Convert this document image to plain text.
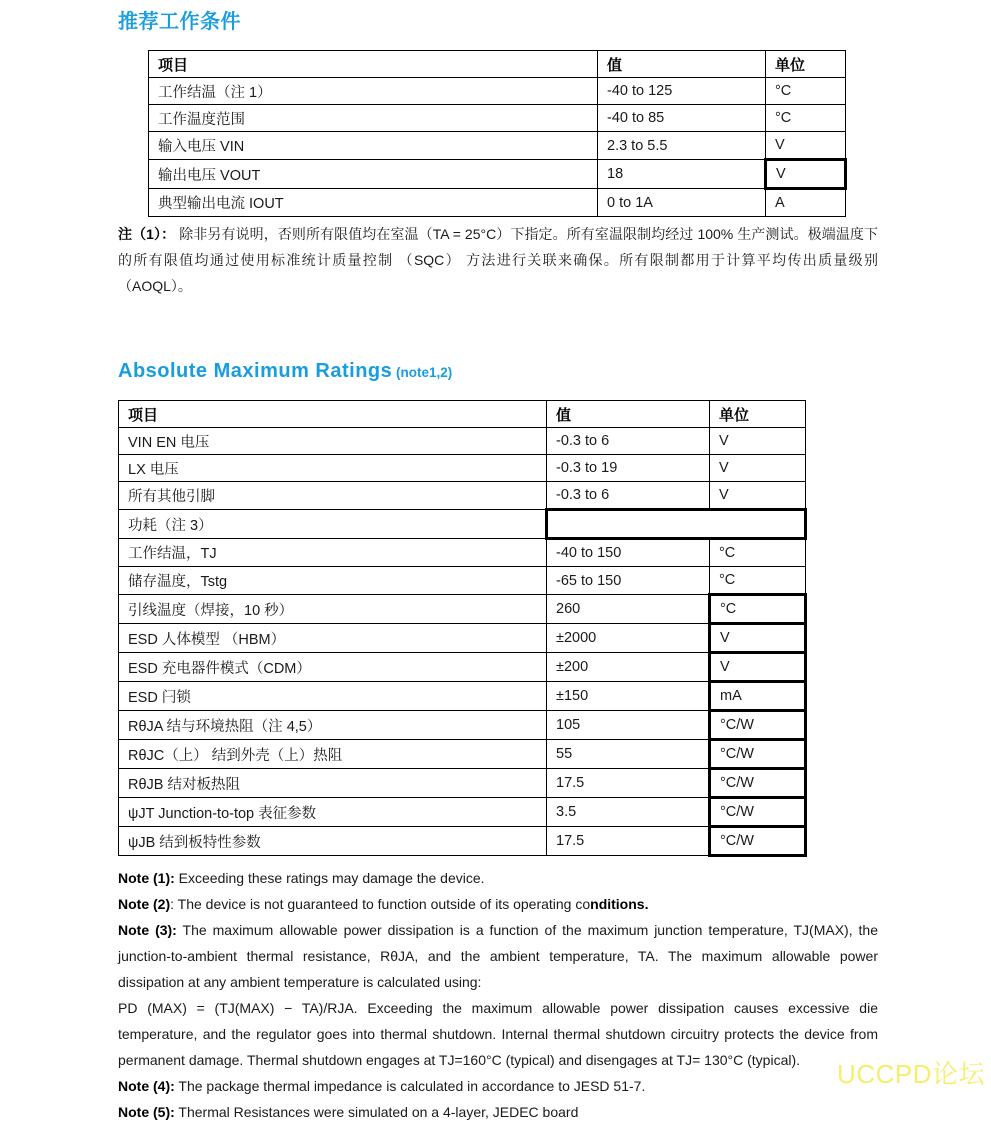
推荐工作条件
项目	值	单位
工作结温（注 1）	-40 to 125	°C
工作温度范围	-40 to 85	°C
输入电压 VIN	2.3 to 5.5	V
输出电压 VOUT	18	V
典型输出电流 IOUT	0 to 1A	A
注（1）： 除非另有说明，否则所有限值均在室温（TA = 25°C）下指定。所有室温限制均经过 100% 生产测试。极端温度下的所有限值均通过使用标准统计质量控制 （SQC） 方法进行关联来确保。所有限制都用于计算平均传出质量级别 （AOQL）。
Absolute Maximum Ratings (note1,2)
项目	值	单位
VIN EN 电压	-0.3 to 6	V
LX 电压	-0.3 to 19	V
所有其他引脚	-0.3 to 6	V
功耗（注 3）		
工作结温，TJ	-40 to 150	°C
储存温度，Tstg	-65 to 150	°C
引线温度（焊接，10 秒）	260	°C
ESD 人体模型 （HBM）	±2000	V
ESD 充电器件模式（CDM）	±200	V
ESD 闩锁	±150	mA
RθJA 结与环境热阻（注 4,5）	105	°C/W
RθJC（上） 结到外壳（上）热阻	55	°C/W
RθJB 结对板热阻	17.5	°C/W
ψJT Junction-to-top 表征参数	3.5	°C/W
ψJB 结到板特性参数	17.5	°C/W
Note (1): Exceeding these ratings may damage the device.
Note (2): The device is not guaranteed to function outside of its operating conditions.
Note (3): The maximum allowable power dissipation is a function of the maximum junction temperature, TJ(MAX), the junction-to-ambient thermal resistance, RθJA, and the ambient temperature, TA. The maximum allowable power dissipation at any ambient temperature is calculated using:
PD (MAX) = (TJ(MAX) − TA)/RJA. Exceeding the maximum allowable power dissipation causes excessive die temperature, and the regulator goes into thermal shutdown. Internal thermal shutdown circuitry protects the device from permanent damage. Thermal shutdown engages at TJ=160°C (typical) and disengages at TJ= 130°C (typical).
Note (4): The package thermal impedance is calculated in accordance to JESD 51-7.
Note (5): Thermal Resistances were simulated on a 4-layer, JEDEC board
UCCPD论坛
